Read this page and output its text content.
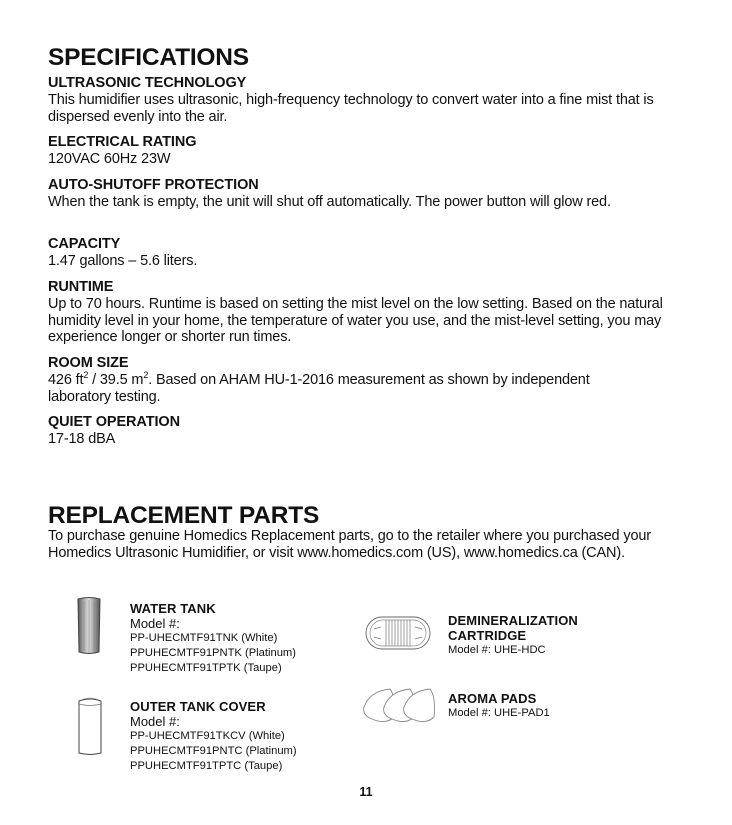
SPECIFICATIONS
ULTRASONIC TECHNOLOGY
This humidifier uses ultrasonic, high-frequency technology to convert water into a fine mist that is dispersed evenly into the air.
ELECTRICAL RATING
120VAC 60Hz 23W
AUTO-SHUTOFF PROTECTION
When the tank is empty, the unit will shut off automatically. The power button will glow red.
CAPACITY
1.47 gallons – 5.6 liters.
RUNTIME
Up to 70 hours. Runtime is based on setting the mist level on the low setting. Based on the natural humidity level in your home, the temperature of water you use, and the mist-level setting, you may experience longer or shorter run times.
ROOM SIZE
426 $ft^2 / 39.5$ $m^2$. Based on AHAM HU-1-2016 measurement as shown by independent laboratory testing.
QUIET OPERATION
17-18 dBA
REPLACEMENT PARTS
To purchase genuine Homedics Replacement parts, go to the retailer where you purchased your Homedics Ultrasonic Humidifier, or visit www.homedics.com (US), www.homedics.ca (CAN).
WATER TANK
Model #:
PP-UHECMTF91TNK (White)
PPUHECMTF91PNTK (Platinum)
PPUHECMTF91TPTK (Taupe)
OUTER TANK COVER
Model #:
PP-UHECMTF91TKCV (White)
PPUHECMTF91PNTC (Platinum)
PPUHECMTF91TPTC (Taupe)
DEMINERALIZATION
CARTRIDGE
Model #: UHE-HDC
AROMA PADS
Model #: UHE-PAD1
11
